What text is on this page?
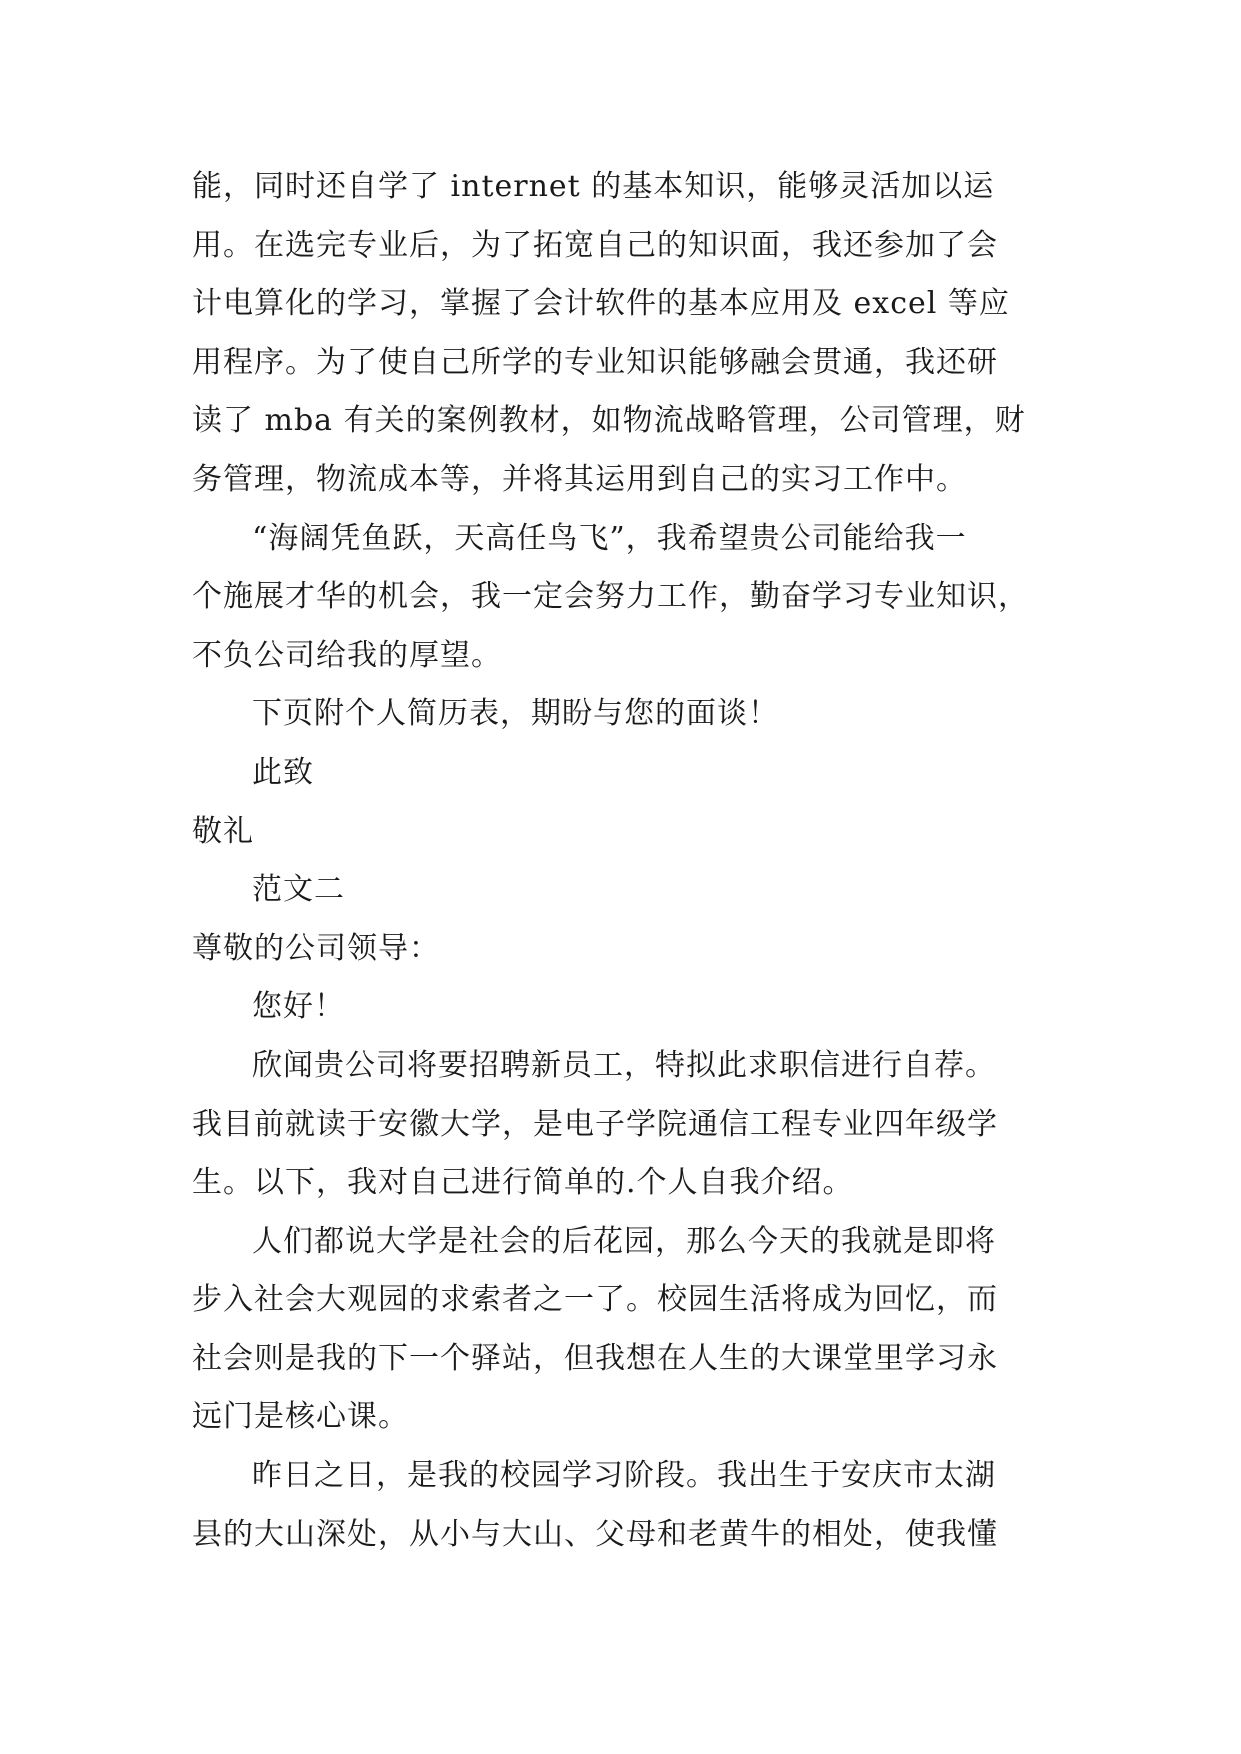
能，同时还自学了 internet 的基本知识，能够灵活加以运
用。在选完专业后，为了拓宽自己的知识面，我还参加了会
计电算化的学习，掌握了会计软件的基本应用及 excel 等应
用程序。为了使自己所学的专业知识能够融会贯通，我还研
读了 mba 有关的案例教材，如物流战略管理，公司管理，财
务管理，物流成本等，并将其运用到自己的实习工作中。
“海阔凭鱼跃，天高任鸟飞”，我希望贵公司能给我一
个施展才华的机会，我一定会努力工作，勤奋学习专业知识，
不负公司给我的厚望。
下页附个人简历表，期盼与您的面谈！
此致
敬礼
范文二
尊敬的公司领导：
您好！
欣闻贵公司将要招聘新员工，特拟此求职信进行自荐。
我目前就读于安徽大学，是电子学院通信工程专业四年级学
生。以下，我对自己进行简单的.个人自我介绍。
人们都说大学是社会的后花园，那么今天的我就是即将
步入社会大观园的求索者之一了。校园生活将成为回忆，而
社会则是我的下一个驿站，但我想在人生的大课堂里学习永
远门是核心课。
昨日之日，是我的校园学习阶段。我出生于安庆市太湖
县的大山深处，从小与大山、父母和老黄牛的相处，使我懂
